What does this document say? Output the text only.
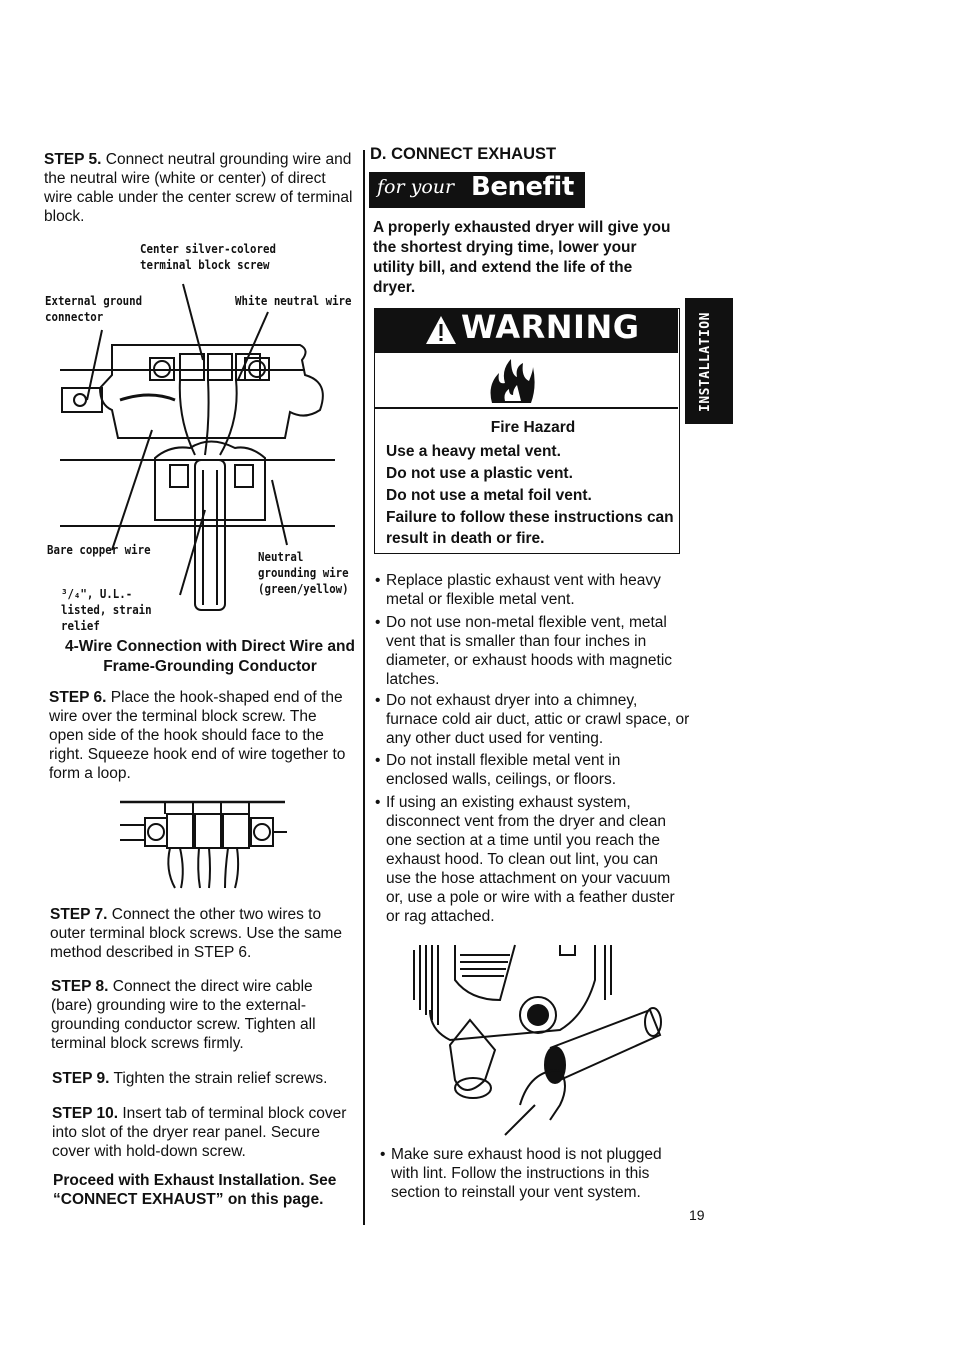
STEP 5. Connect neutral grounding wire and the neutral wire (white or center) of direct wire cable under the center screw of terminal block.
Center silver-colored terminal block screw
External ground connector
White neutral wire
Bare copper wire	Neutral grounding wire (green/yellow)
³/₄", U.L.-listed, strain relief
4-Wire Connection with Direct Wire and Frame-Grounding Conductor
STEP 6. Place the hook-shaped end of the wire over the terminal block screw. The open side of the hook should face to the right. Squeeze hook end of wire together to form a loop.
STEP 7. Connect the other two wires to outer terminal block screws. Use the same method described in STEP 6.
STEP 8. Connect the direct wire cable (bare) grounding wire to the external-grounding conductor screw. Tighten all terminal block screws firmly.
STEP 9. Tighten the strain relief screws.
STEP 10. Insert tab of terminal block cover into slot of the dryer rear panel. Secure cover with hold-down screw.
Proceed with Exhaust Installation. See “CONNECT EXHAUST” on this page.
D. CONNECT EXHAUST
for your Benefit
A properly exhausted dryer will give you the shortest drying time, lower your utility bill, and extend the life of the dryer.
WARNING
Fire Hazard
Use a heavy metal vent.
Do not use a plastic vent.
Do not use a metal foil vent.
Failure to follow these instructions can result in death or fire.
• Replace plastic exhaust vent with heavy metal or flexible metal vent.
• Do not use non-metal flexible vent, metal vent that is smaller than four inches in diameter, or exhaust hoods with magnetic latches.
• Do not exhaust dryer into a chimney, furnace cold air duct, attic or crawl space, or any other duct used for venting.
• Do not install flexible metal vent in enclosed walls, ceilings, or floors.
• If using an existing exhaust system, disconnect vent from the dryer and clean one section at a time until you reach the exhaust hood. To clean out lint, you can use the hose attachment on your vacuum or, use a pole or wire with a feather duster or rag attached.
• Make sure exhaust hood is not plugged with lint. Follow the instructions in this section to reinstall your vent system.
INSTALLATION
19
